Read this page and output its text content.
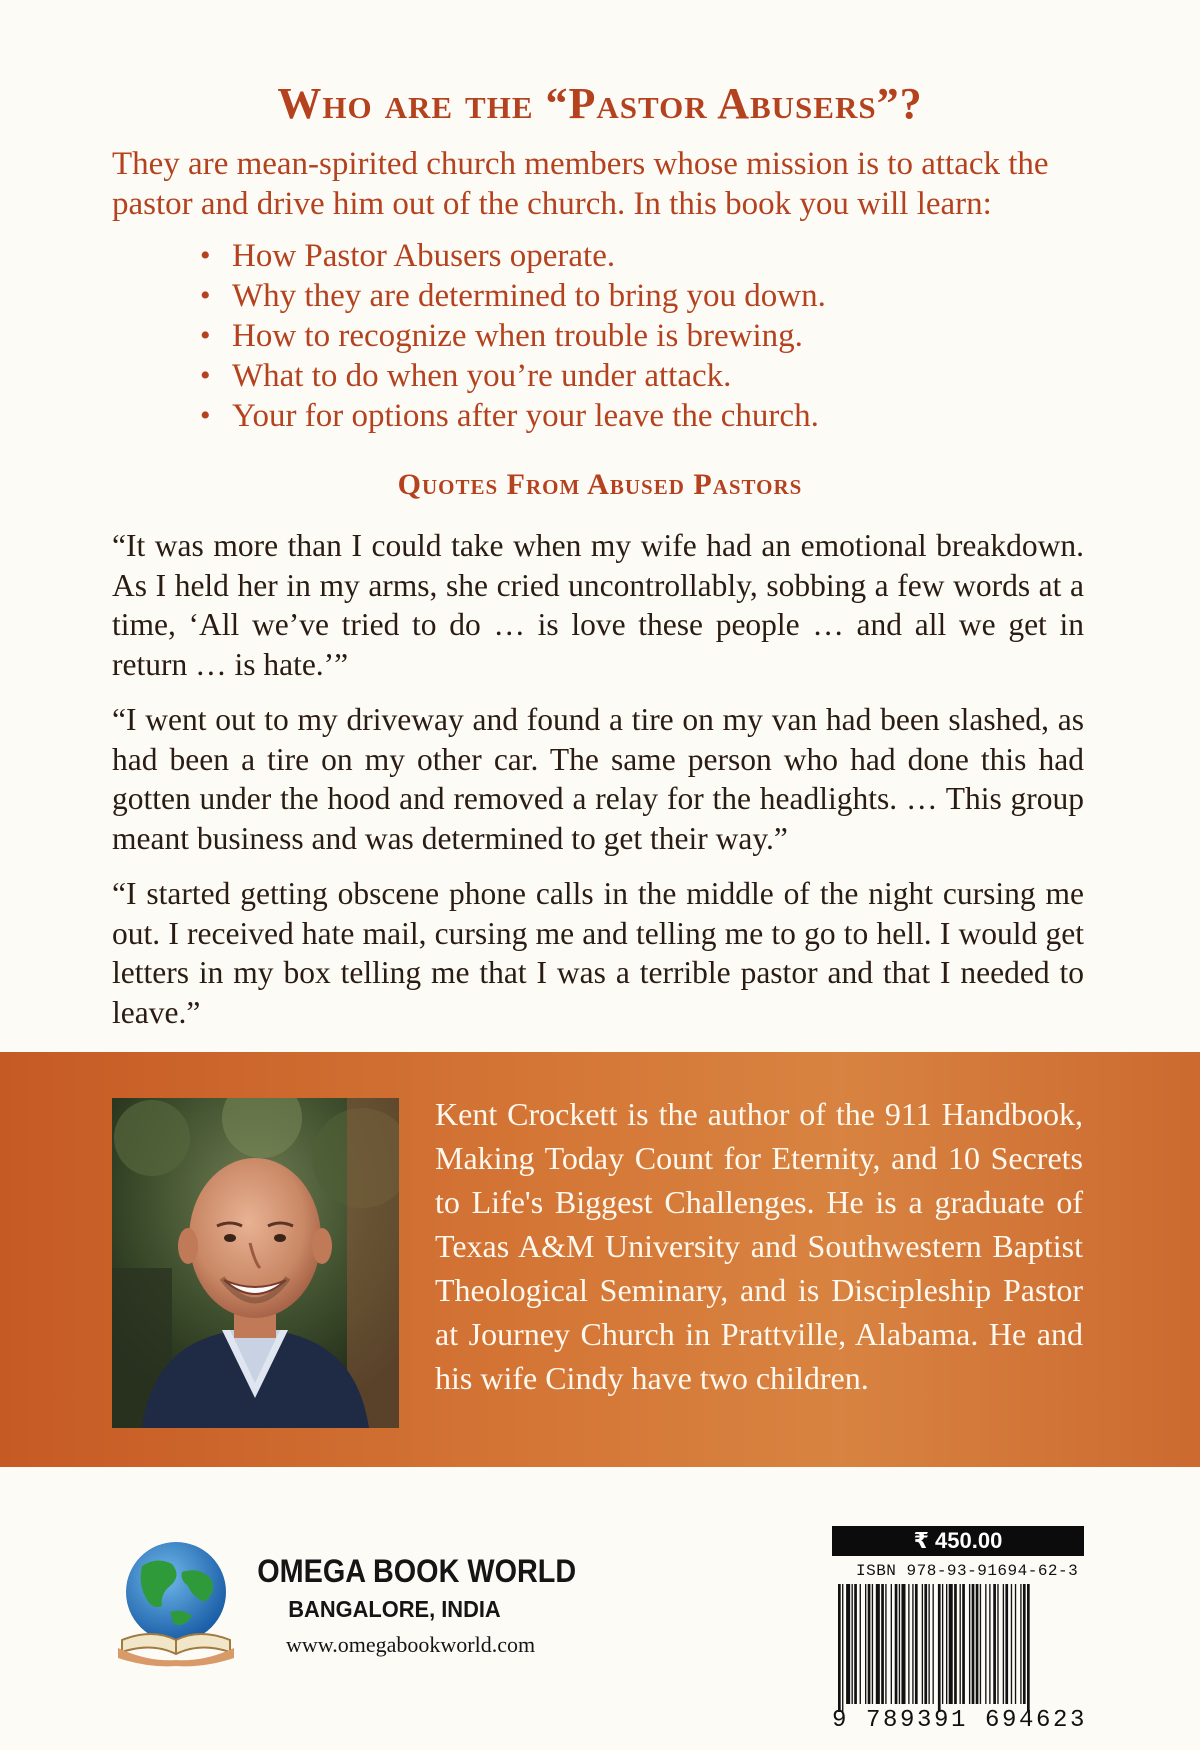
Who are the “Pastor Abusers”?

They are mean-spirited church members whose mission is to attack the pastor and drive him out of the church. In this book you will learn:

• How Pastor Abusers operate.
• Why they are determined to bring you down.
• How to recognize when trouble is brewing.
• What to do when you’re under attack.
• Your for options after your leave the church.
Quotes From Abused Pastors

“It was more than I could take when my wife had an emotional breakdown. As I held her in my arms, she cried uncontrollably, sobbing a few words at a time, ‘All we’ve tried to do … is love these people … and all we get in return … is hate.’”

“I went out to my driveway and found a tire on my van had been slashed, as had been a tire on my other car. The same person who had done this had gotten under the hood and removed a relay for the headlights. … This group meant business and was determined to get their way.”

“I started getting obscene phone calls in the middle of the night cursing me out. I received hate mail, cursing me and telling me to go to hell. I would get letters in my box telling me that I was a terrible pastor and that I needed to leave.”

Kent Crockett is the author of the 911 Handbook, Making Today Count for Eternity, and 10 Secrets to Life's Biggest Challenges. He is a graduate of Texas A&M University and Southwestern Baptist Theological Seminary, and is Discipleship Pastor at Journey Church in Prattville, Alabama. He and his wife Cindy have two children.

OMEGA BOOK WORLD
BANGALORE, INDIA
www.omegabookworld.com
₹ 450.00
ISBN 978-93-91694-62-3
9 789391 694623
